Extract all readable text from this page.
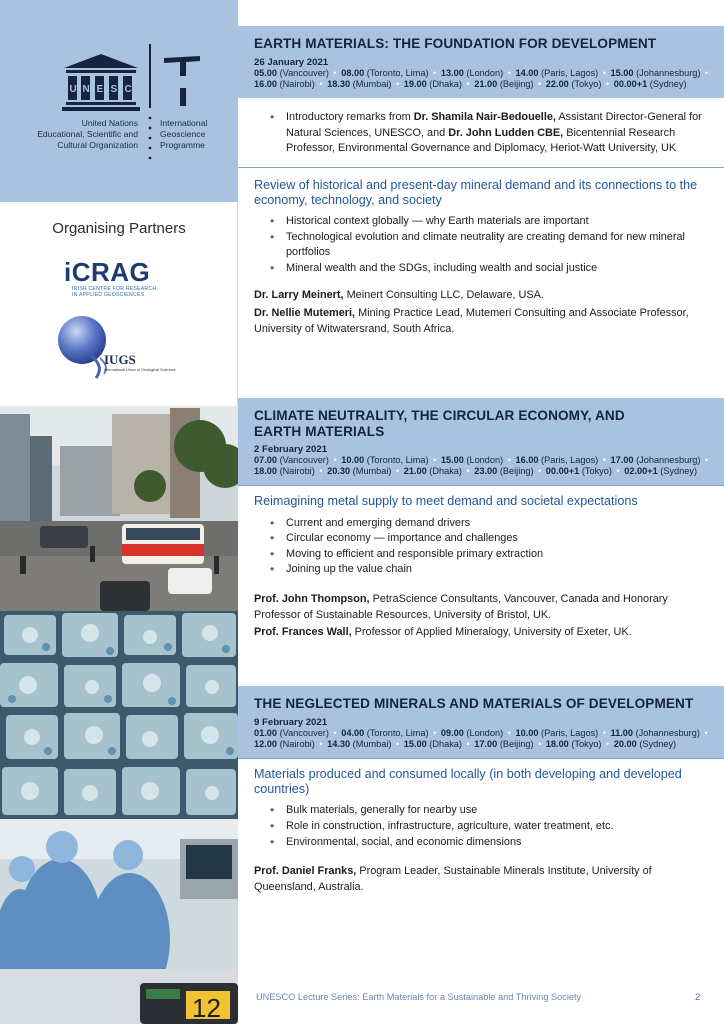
U N E S C
United Nations
Educational, Scientific and
Cultural Organization
International
Geoscience
Programme
Organising Partners
iCRAG
IRISH CENTRE FOR RESEARCH
IN APPLIED GEOSCIENCES
IUGS
International Union of Geological Sciences
12
EARTH MATERIALS: THE FOUNDATION FOR DEVELOPMENT
26 January 2021
05.00 (Vancouver) • 08.00 (Toronto, Lima) • 13.00 (London) • 14.00 (Paris, Lagos) • 15.00 (Johannesburg) • 16.00 (Nairobi) • 18.30 (Mumbai) • 19.00 (Dhaka) • 21.00 (Beijing) • 22.00 (Tokyo) • 00.00+1 (Sydney)
• Introductory remarks from Dr. Shamila Nair-Bedouelle, Assistant Director-General for Natural Sciences, UNESCO, and Dr. John Ludden CBE, Bicentennial Research Professor, Environmental Governance and Diplomacy, Heriot-Watt University, UK
Review of historical and present-day mineral demand and its connections to the economy, technology, and society
• Historical context globally — why Earth materials are important
• Technological evolution and climate neutrality are creating demand for new mineral portfolios
• Mineral wealth and the SDGs, including wealth and social justice
Dr. Larry Meinert, Meinert Consulting LLC, Delaware, USA.
Dr. Nellie Mutemeri, Mining Practice Lead, Mutemeri Consulting and Associate Professor, University of Witwatersrand, South Africa.
CLIMATE NEUTRALITY, THE CIRCULAR ECONOMY, AND EARTH MATERIALS
2 February 2021
07.00 (Vancouver) • 10.00 (Toronto, Lima) • 15.00 (London) • 16.00 (Paris, Lagos) • 17.00 (Johannesburg) • 18.00 (Nairobi) • 20.30 (Mumbai) • 21.00 (Dhaka) • 23.00 (Beijing) • 00.00+1 (Tokyo) • 02.00+1 (Sydney)
Reimagining metal supply to meet demand and societal expectations
• Current and emerging demand drivers
• Circular economy — importance and challenges
• Moving to efficient and responsible primary extraction
• Joining up the value chain
Prof. John Thompson, PetraScience Consultants, Vancouver, Canada and Honorary Professor of Sustainable Resources, University of Bristol, UK.
Prof. Frances Wall, Professor of Applied Mineralogy, University of Exeter, UK.
THE NEGLECTED MINERALS AND MATERIALS OF DEVELOPMENT
9 February 2021
01.00 (Vancouver) • 04.00 (Toronto, Lima) • 09.00 (London) • 10.00 (Paris, Lagos) • 11.00 (Johannesburg) • 12.00 (Nairobi) • 14.30 (Mumbai) • 15.00 (Dhaka) • 17.00 (Beijing) • 18.00 (Tokyo) • 20.00 (Sydney)
Materials produced and consumed locally (in both developing and developed countries)
• Bulk materials, generally for nearby use
• Role in construction, infrastructure, agriculture, water treatment, etc.
• Environmental, social, and economic dimensions
Prof. Daniel Franks, Program Leader, Sustainable Minerals Institute, University of Queensland, Australia.
UNESCO Lecture Series: Earth Materials for a Sustainable and Thriving Society	2
